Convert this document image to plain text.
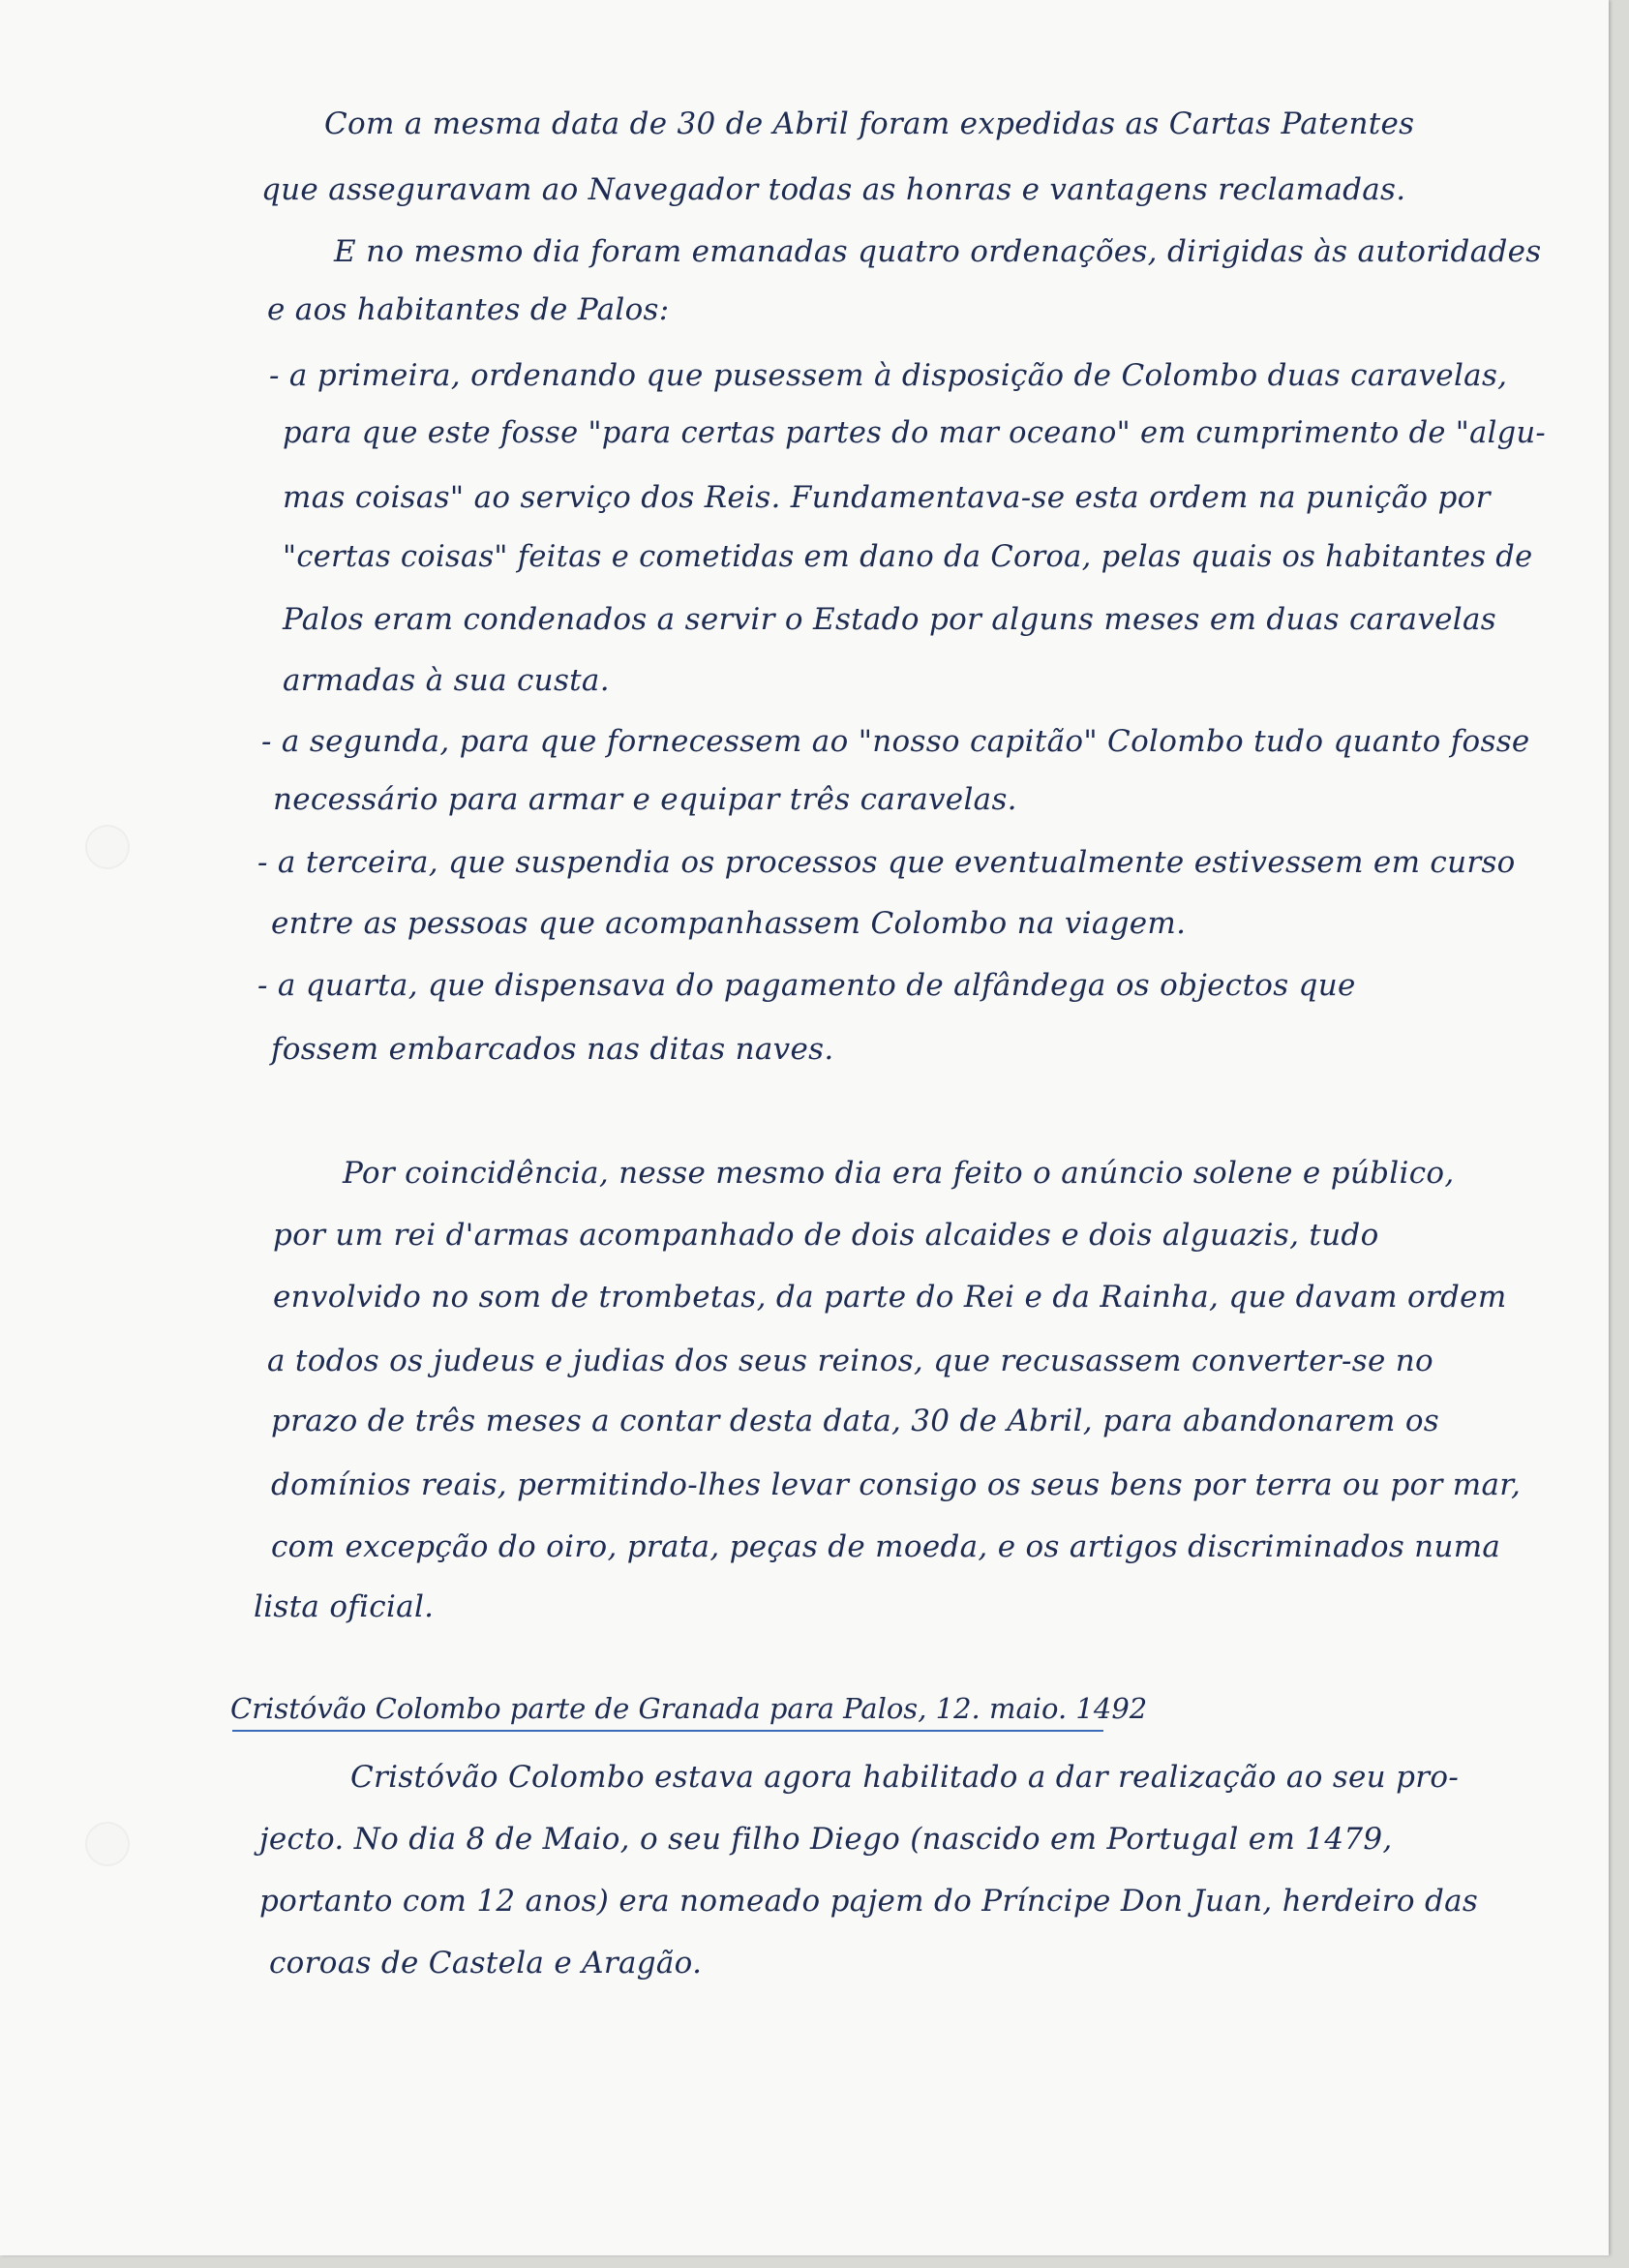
Com a mesma data de 30 de Abril foram expedidas as Cartas Patentes
que asseguravam ao Navegador todas as honras e vantagens reclamadas.
E no mesmo dia foram emanadas quatro ordenações, dirigidas às autoridades
e aos habitantes de Palos:
- a primeira, ordenando que pusessem à disposição de Colombo duas caravelas,
para que este fosse "para certas partes do mar oceano" em cumprimento de "algu-
mas coisas" ao serviço dos Reis. Fundamentava-se esta ordem na punição por
"certas coisas" feitas e cometidas em dano da Coroa, pelas quais os habitantes de
Palos eram condenados a servir o Estado por alguns meses em duas caravelas
armadas à sua custa.
- a segunda, para que fornecessem ao "nosso capitão" Colombo tudo quanto fosse
necessário para armar e equipar três caravelas.
- a terceira, que suspendia os processos que eventualmente estivessem em curso
entre as pessoas que acompanhassem Colombo na viagem.
- a quarta, que dispensava do pagamento de alfândega os objectos que
fossem embarcados nas ditas naves.
Por coincidência, nesse mesmo dia era feito o anúncio solene e público,
por um rei d'armas acompanhado de dois alcaides e dois alguazis, tudo
envolvido no som de trombetas, da parte do Rei e da Rainha, que davam ordem
a todos os judeus e judias dos seus reinos, que recusassem converter-se no
prazo de três meses a contar desta data, 30 de Abril, para abandonarem os
domínios reais, permitindo-lhes levar consigo os seus bens por terra ou por mar,
com excepção do oiro, prata, peças de moeda, e os artigos discriminados numa
lista oficial.
Cristóvão Colombo parte de Granada para Palos, 12. maio. 1492
Cristóvão Colombo estava agora habilitado a dar realização ao seu pro-
jecto. No dia 8 de Maio, o seu filho Diego (nascido em Portugal em 1479,
portanto com 12 anos) era nomeado pajem do Príncipe Don Juan, herdeiro das
coroas de Castela e Aragão.
